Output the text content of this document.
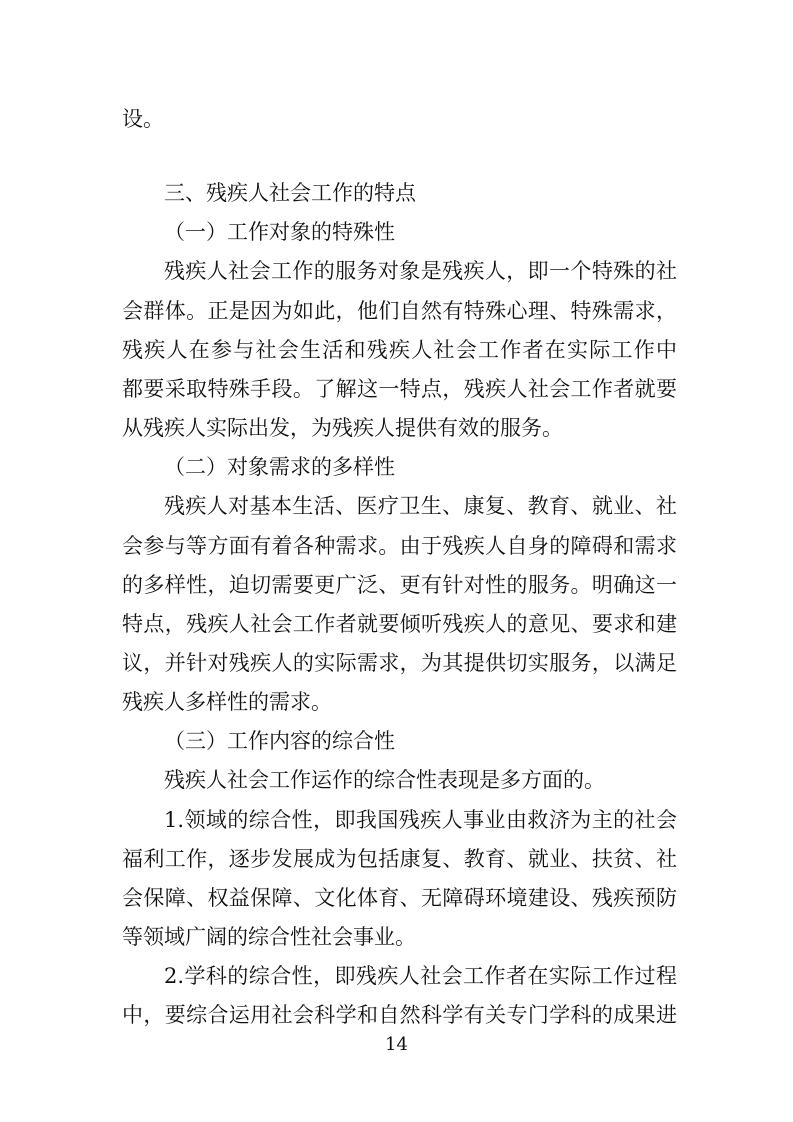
设。
三、残疾人社会工作的特点
（一）工作对象的特殊性
残疾人社会工作的服务对象是残疾人，即一个特殊的社
会群体。正是因为如此，他们自然有特殊心理、特殊需求，
残疾人在参与社会生活和残疾人社会工作者在实际工作中
都要采取特殊手段。了解这一特点，残疾人社会工作者就要
从残疾人实际出发，为残疾人提供有效的服务。
（二）对象需求的多样性
残疾人对基本生活、医疗卫生、康复、教育、就业、社
会参与等方面有着各种需求。由于残疾人自身的障碍和需求
的多样性，迫切需要更广泛、更有针对性的服务。明确这一
特点，残疾人社会工作者就要倾听残疾人的意见、要求和建
议，并针对残疾人的实际需求，为其提供切实服务，以满足
残疾人多样性的需求。
（三）工作内容的综合性
残疾人社会工作运作的综合性表现是多方面的。
1.领域的综合性，即我国残疾人事业由救济为主的社会
福利工作，逐步发展成为包括康复、教育、就业、扶贫、社
会保障、权益保障、文化体育、无障碍环境建设、残疾预防
等领域广阔的综合性社会事业。
2.学科的综合性，即残疾人社会工作者在实际工作过程
中，要综合运用社会科学和自然科学有关专门学科的成果进
14
